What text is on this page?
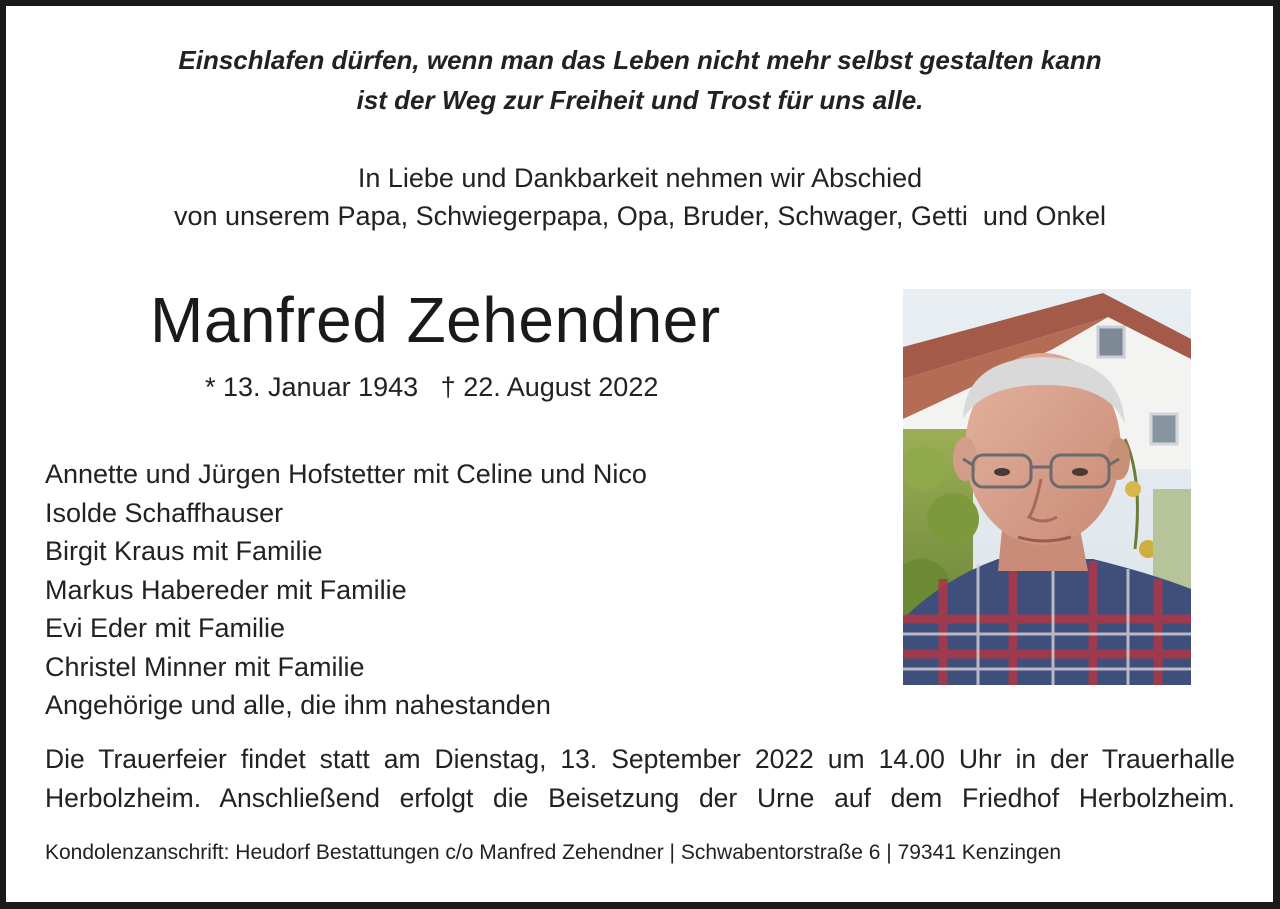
Einschlafen dürfen, wenn man das Leben nicht mehr selbst gestalten kann
ist der Weg zur Freiheit und Trost für uns alle.
In Liebe und Dankbarkeit nehmen wir Abschied
von unserem Papa, Schwiegerpapa, Opa, Bruder, Schwager, Getti  und Onkel
Manfred Zehendner
* 13. Januar 1943   † 22. August 2022
Annette und Jürgen Hofstetter mit Celine und Nico
Isolde Schaffhauser
Birgit Kraus mit Familie
Markus Habereder mit Familie
Evi Eder mit Familie
Christel Minner mit Familie
Angehörige und alle, die ihm nahestanden
Die Trauerfeier findet statt am Dienstag, 13. September 2022 um 14.00 Uhr in der Trauerhalle
Herbolzheim. Anschließend erfolgt die Beisetzung der Urne auf dem Friedhof Herbolzheim.
Kondolenzanschrift: Heudorf Bestattungen c/o Manfred Zehendner | Schwabentorstraße 6 | 79341 Kenzingen
